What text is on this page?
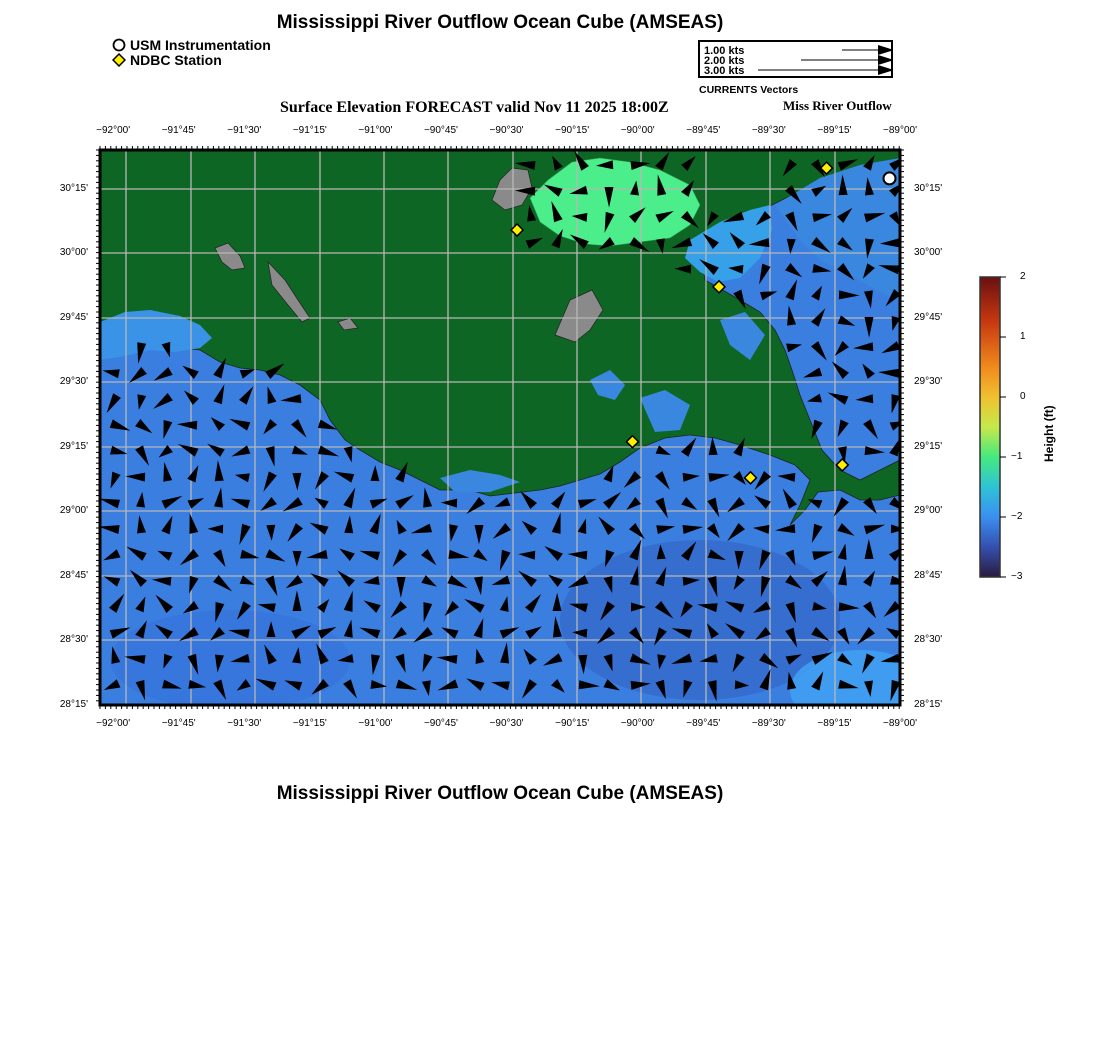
Mississippi River Outflow Ocean Cube (AMSEAS)
USM Instrumentation
NDBC Station
1.00 kts
2.00 kts
3.00 kts
CURRENTS Vectors
Surface Elevation FORECAST valid Nov 11 2025 18:00Z	Miss River Outflow
−92°00'	−91°45'	−91°30'	−91°15'	−91°00'	−90°45'	−90°30'	−90°15'	−90°00'	−89°45'	−89°30'	−89°15'	−89°00'
−92°00'	−91°45'	−91°30'	−91°15'	−91°00'	−90°45'	−90°30'	−90°15'	−90°00'	−89°45'	−89°30'	−89°15'	−89°00'
30°15'
30°00'
29°45'
29°30'
29°15'
29°00'
28°45'
28°30'
28°15'
30°15'
30°00'
29°45'
29°30'
29°15'
29°00'
28°45'
28°30'
28°15'
2
1
0
−1
−2
−3
Height (ft)
Mississippi River Outflow Ocean Cube (AMSEAS)
